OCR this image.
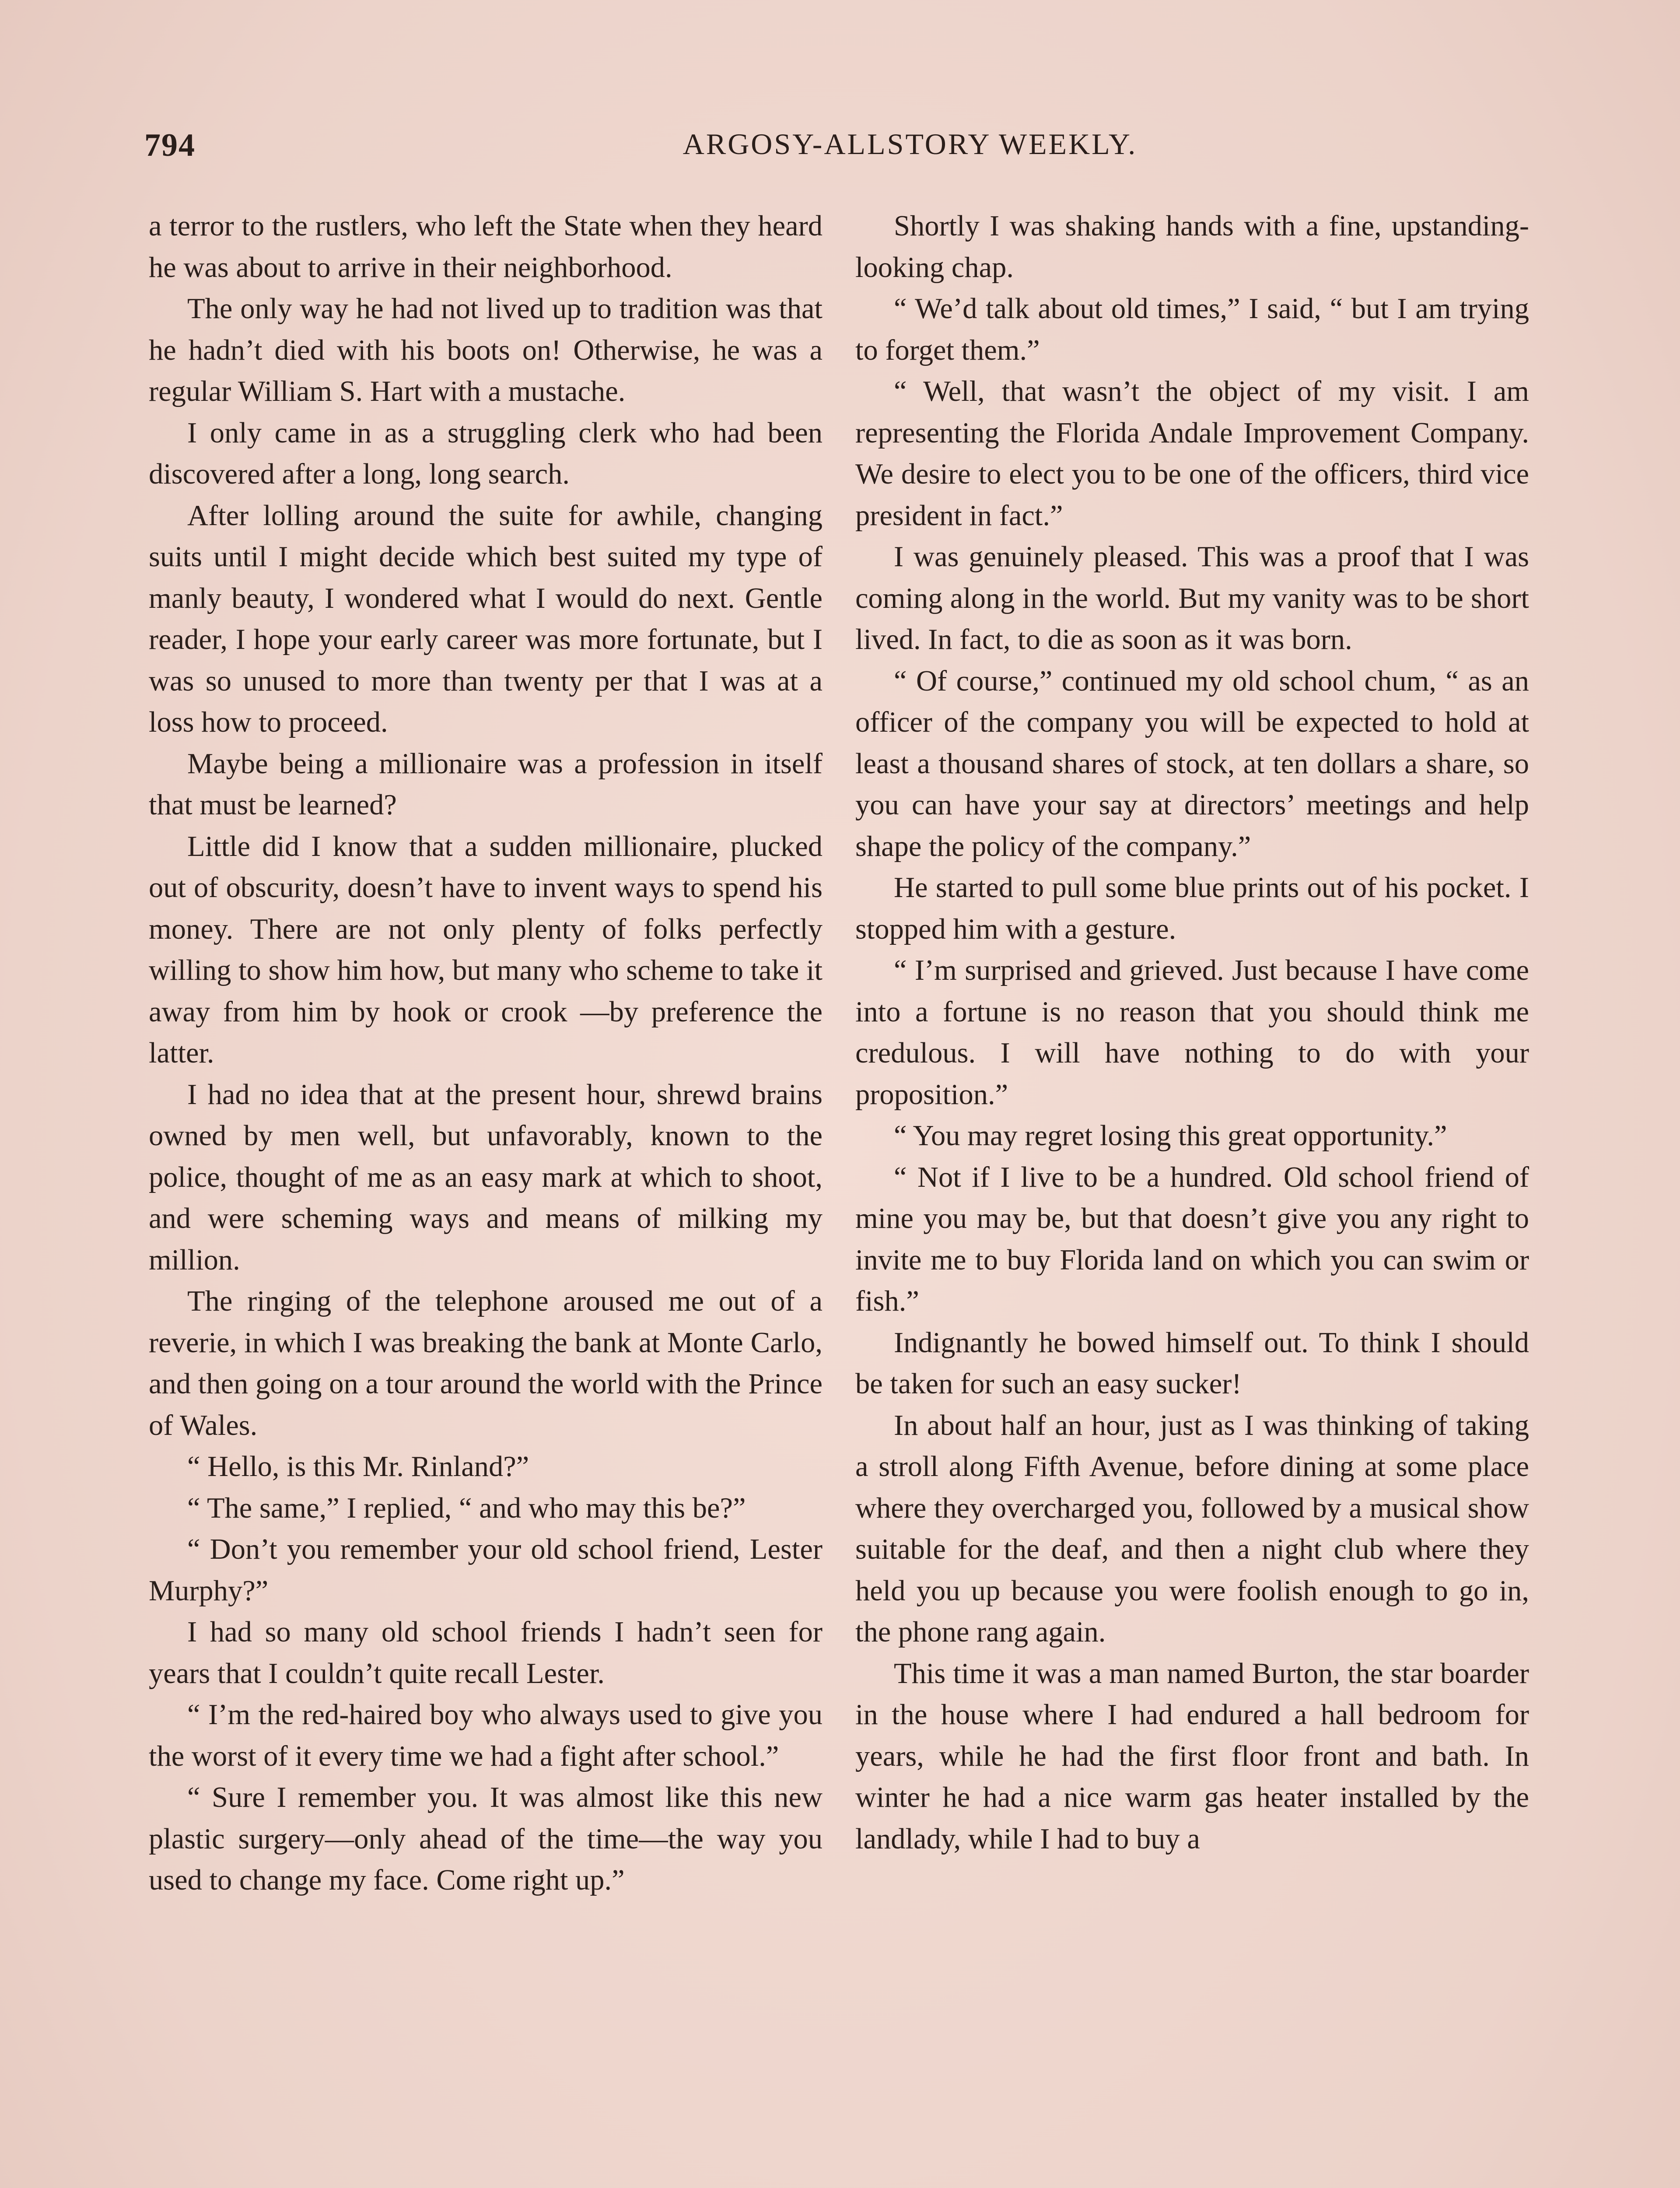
794	ARGOSY-ALLSTORY WEEKLY.

a terror to the rustlers, who left the State when they heard he was about to arrive in their neighborhood.

The only way he had not lived up to tradition was that he hadn’t died with his boots on! Otherwise, he was a regular William S. Hart with a mustache.

I only came in as a struggling clerk who had been discovered after a long, long search.

After lolling around the suite for awhile, changing suits until I might decide which best suited my type of manly beauty, I wondered what I would do next. Gentle reader, I hope your early career was more fortunate, but I was so unused to more than twenty per that I was at a loss how to proceed.

Maybe being a millionaire was a profession in itself that must be learned?

Little did I know that a sudden millionaire, plucked out of obscurity, doesn’t have to invent ways to spend his money. There are not only plenty of folks perfectly willing to show him how, but many who scheme to take it away from him by hook or crook —by preference the latter.

I had no idea that at the present hour, shrewd brains owned by men well, but unfavorably, known to the police, thought of me as an easy mark at which to shoot, and were scheming ways and means of milking my million.

The ringing of the telephone aroused me out of a reverie, in which I was breaking the bank at Monte Carlo, and then going on a tour around the world with the Prince of Wales.

“ Hello, is this Mr. Rinland?”

“ The same,” I replied, “ and who may this be?”

“ Don’t you remember your old school friend, Lester Murphy?”

I had so many old school friends I hadn’t seen for years that I couldn’t quite recall Lester.

“ I’m the red-haired boy who always used to give you the worst of it every time we had a fight after school.”

“ Sure I remember you. It was almost like this new plastic surgery—only ahead of the time—the way you used to change my face. Come right up.”

Shortly I was shaking hands with a fine, upstanding-looking chap.

“ We’d talk about old times,” I said, “ but I am trying to forget them.”

“ Well, that wasn’t the object of my visit. I am representing the Florida Andale Improvement Company. We desire to elect you to be one of the officers, third vice president in fact.”

I was genuinely pleased. This was a proof that I was coming along in the world. But my vanity was to be short lived. In fact, to die as soon as it was born.

“ Of course,” continued my old school chum, “ as an officer of the company you will be expected to hold at least a thousand shares of stock, at ten dollars a share, so you can have your say at directors’ meetings and help shape the policy of the company.”

He started to pull some blue prints out of his pocket. I stopped him with a gesture.

“ I’m surprised and grieved. Just because I have come into a fortune is no reason that you should think me credulous. I will have nothing to do with your proposition.”

“ You may regret losing this great opportunity.”

“ Not if I live to be a hundred. Old school friend of mine you may be, but that doesn’t give you any right to invite me to buy Florida land on which you can swim or fish.”

Indignantly he bowed himself out. To think I should be taken for such an easy sucker!

In about half an hour, just as I was thinking of taking a stroll along Fifth Avenue, before dining at some place where they overcharged you, followed by a musical show suitable for the deaf, and then a night club where they held you up because you were foolish enough to go in, the phone rang again.

This time it was a man named Burton, the star boarder in the house where I had endured a hall bedroom for years, while he had the first floor front and bath. In winter he had a nice warm gas heater installed by the landlady, while I had to buy a
